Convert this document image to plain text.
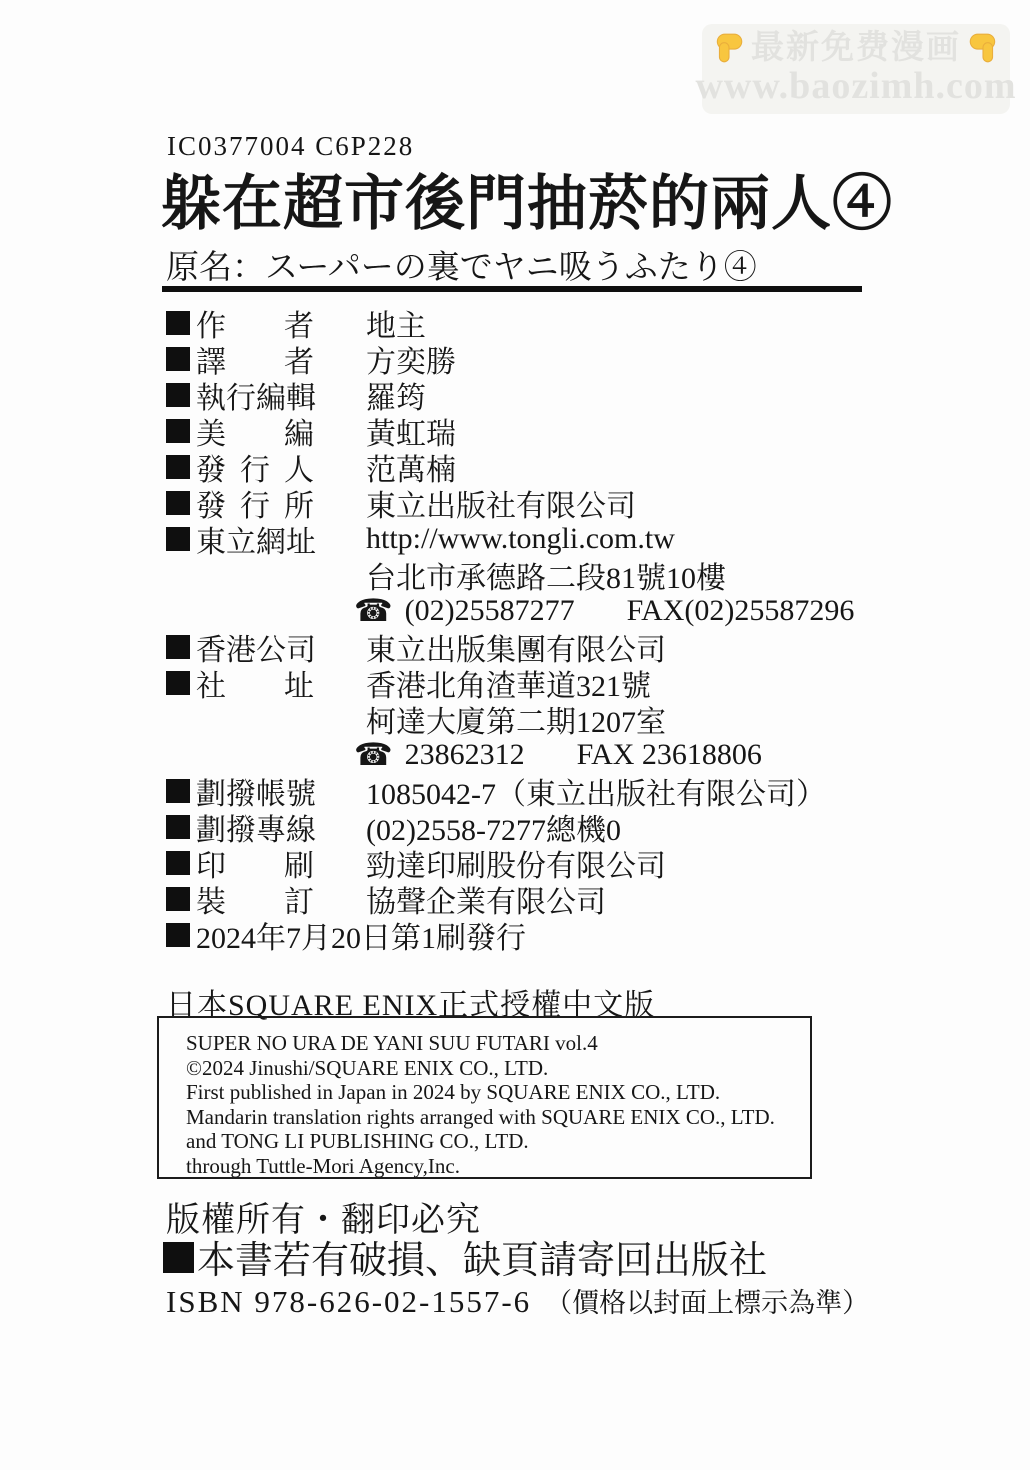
最新免费漫画
www.baozimh.com
IC0377004 C6P228
躲在超市後門抽菸的兩人④
原名：スーパーの裏でヤニ吸うふたり④
作者 地主
譯者 方奕勝
執行編輯 羅筠
美編 黃虹瑞
發行人 范萬楠
發行所 東立出版社有限公司
東立網址 http://www.tongli.com.tw
台北市承德路二段81號10樓
☎ (02)25587277 FAX(02)25587296
香港公司 東立出版集團有限公司
社址 香港北角渣華道321號
柯達大廈第二期1207室
☎ 23862312 FAX 23618806
劃撥帳號 1085042-7（東立出版社有限公司）
劃撥專線 (02)2558-7277總機0
印刷 勁達印刷股份有限公司
裝訂 協聲企業有限公司
2024年7月20日第1刷發行
日本SQUARE ENIX正式授權中文版

SUPER NO URA DE YANI SUU FUTARI vol.4

©2024 Jinushi/SQUARE ENIX CO., LTD.

First published in Japan in 2024 by SQUARE ENIX CO., LTD.

Mandarin translation rights arranged with SQUARE ENIX CO., LTD.

and TONG LI PUBLISHING CO., LTD.

through Tuttle-Mori Agency,Inc.

版權所有・翻印必究
本書若有破損、缺頁請寄回出版社
ISBN 978-626-02-1557-6 （價格以封面上標示為準）
